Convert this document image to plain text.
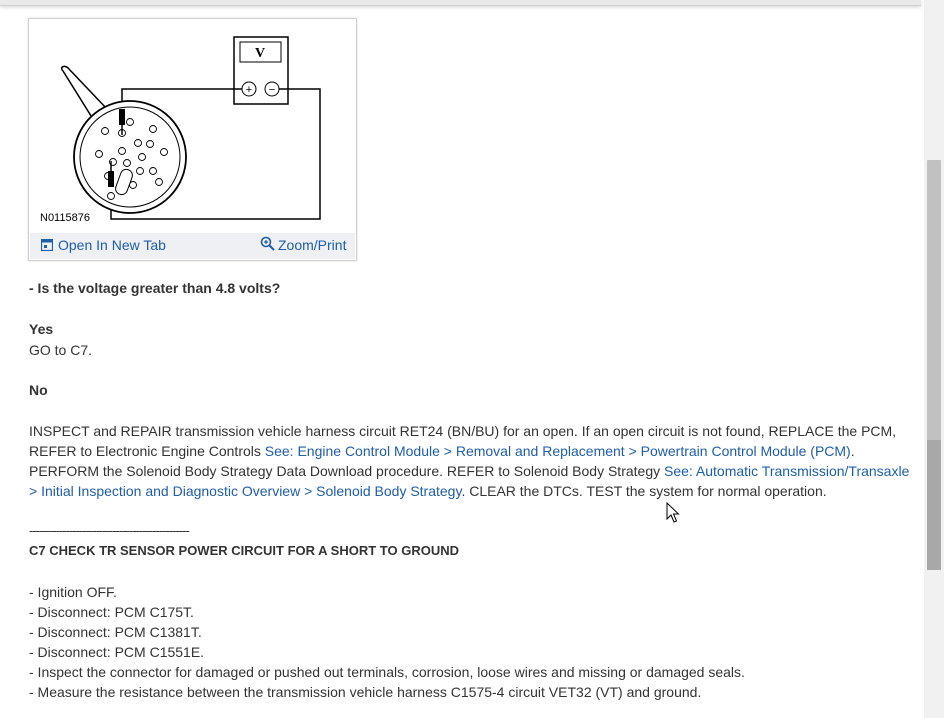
V
+ −
N0115876
Open In New Tab	Zoom/Print
- Is the voltage greater than 4.8 volts?
Yes
GO to C7.
No
INSPECT and REPAIR transmission vehicle harness circuit RET24 (BN/BU) for an open. If an open circuit is not found, REPLACE the PCM, REFER to Electronic Engine Controls See: Engine Control Module > Removal and Replacement > Powertrain Control Module (PCM). PERFORM the Solenoid Body Strategy Data Download procedure. REFER to Solenoid Body Strategy See: Automatic Transmission/Transaxle > Initial Inspection and Diagnostic Overview > Solenoid Body Strategy. CLEAR the DTCs. TEST the system for normal operation.
------------------------------------------------
C7 CHECK TR SENSOR POWER CIRCUIT FOR A SHORT TO GROUND
- Ignition OFF.
- Disconnect: PCM C175T.
- Disconnect: PCM C1381T.
- Disconnect: PCM C1551E.
- Inspect the connector for damaged or pushed out terminals, corrosion, loose wires and missing or damaged seals.
- Measure the resistance between the transmission vehicle harness C1575-4 circuit VET32 (VT) and ground.
